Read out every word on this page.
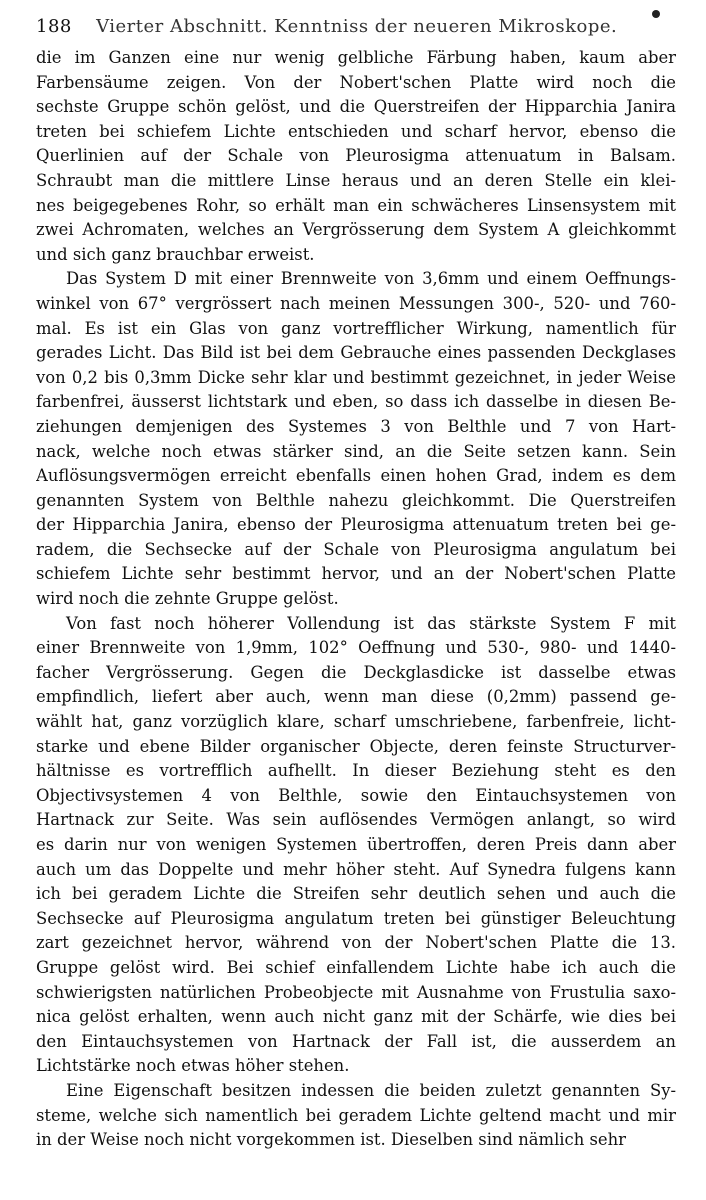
188 Vierter Abschnitt. Kenntniss der neueren Mikroskope.
die im Ganzen eine nur wenig gelbliche Färbung haben, kaum aber
Farbensäume zeigen. Von der Nobert'schen Platte wird noch die
sechste Gruppe schön gelöst, und die Querstreifen der Hipparchia Janira
treten bei schiefem Lichte entschieden und scharf hervor, ebenso die
Querlinien auf der Schale von Pleurosigma attenuatum in Balsam.
Schraubt man die mittlere Linse heraus und an deren Stelle ein klei-
nes beigegebenes Rohr, so erhält man ein schwächeres Linsensystem mit
zwei Achromaten, welches an Vergrösserung dem System A gleichkommt
und sich ganz brauchbar erweist.
Das System D mit einer Brennweite von 3,6mm und einem Oeffnungs-
winkel von 67° vergrössert nach meinen Messungen 300-, 520- und 760-
mal. Es ist ein Glas von ganz vortrefflicher Wirkung, namentlich für
gerades Licht. Das Bild ist bei dem Gebrauche eines passenden Deckglases
von 0,2 bis 0,3mm Dicke sehr klar und bestimmt gezeichnet, in jeder Weise
farbenfrei, äusserst lichtstark und eben, so dass ich dasselbe in diesen Be-
ziehungen demjenigen des Systemes 3 von Belthle und 7 von Hart-
nack, welche noch etwas stärker sind, an die Seite setzen kann. Sein
Auflösungsvermögen erreicht ebenfalls einen hohen Grad, indem es dem
genannten System von Belthle nahezu gleichkommt. Die Querstreifen
der Hipparchia Janira, ebenso der Pleurosigma attenuatum treten bei ge-
radem, die Sechsecke auf der Schale von Pleurosigma angulatum bei
schiefem Lichte sehr bestimmt hervor, und an der Nobert'schen Platte
wird noch die zehnte Gruppe gelöst.
Von fast noch höherer Vollendung ist das stärkste System F mit
einer Brennweite von 1,9mm, 102° Oeffnung und 530-, 980- und 1440-
facher Vergrösserung. Gegen die Deckglasdicke ist dasselbe etwas
empfindlich, liefert aber auch, wenn man diese (0,2mm) passend ge-
wählt hat, ganz vorzüglich klare, scharf umschriebene, farbenfreie, licht-
starke und ebene Bilder organischer Objecte, deren feinste Structurver-
hältnisse es vortrefflich aufhellt. In dieser Beziehung steht es den
Objectivsystemen 4 von Belthle, sowie den Eintauchsystemen von
Hartnack zur Seite. Was sein auflösendes Vermögen anlangt, so wird
es darin nur von wenigen Systemen übertroffen, deren Preis dann aber
auch um das Doppelte und mehr höher steht. Auf Synedra fulgens kann
ich bei geradem Lichte die Streifen sehr deutlich sehen und auch die
Sechsecke auf Pleurosigma angulatum treten bei günstiger Beleuchtung
zart gezeichnet hervor, während von der Nobert'schen Platte die 13.
Gruppe gelöst wird. Bei schief einfallendem Lichte habe ich auch die
schwierigsten natürlichen Probeobjecte mit Ausnahme von Frustulia saxo-
nica gelöst erhalten, wenn auch nicht ganz mit der Schärfe, wie dies bei
den Eintauchsystemen von Hartnack der Fall ist, die ausserdem an
Lichtstärke noch etwas höher stehen.
Eine Eigenschaft besitzen indessen die beiden zuletzt genannten Sy-
steme, welche sich namentlich bei geradem Lichte geltend macht und mir
in der Weise noch nicht vorgekommen ist. Dieselben sind nämlich sehr
